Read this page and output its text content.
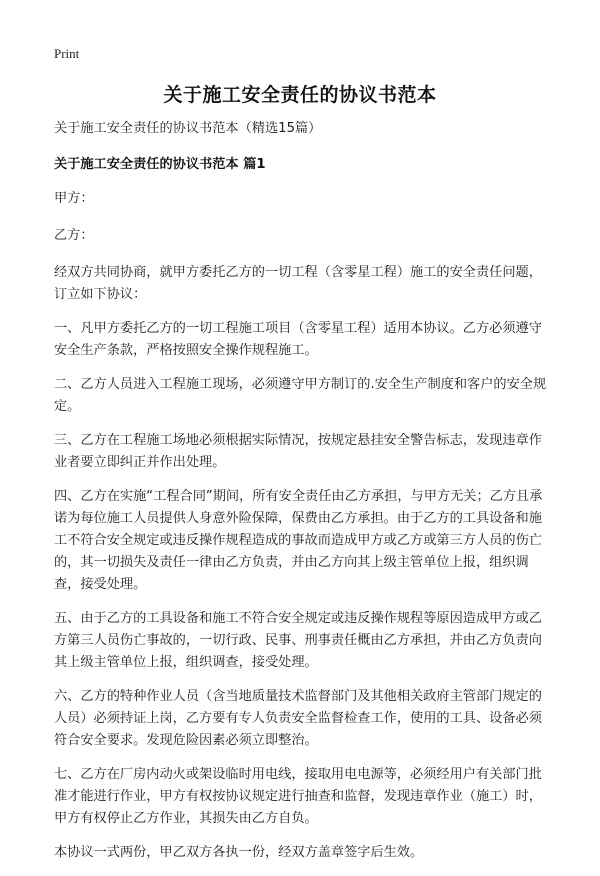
Print
关于施工安全责任的协议书范本

关于施工安全责任的协议书范本（精选15篇）

关于施工安全责任的协议书范本 篇1

甲方：

乙方：

经双方共同协商，就甲方委托乙方的一切工程（含零星工程）施工的安全责任问题，订立如下协议：

一、凡甲方委托乙方的一切工程施工项目（含零星工程）适用本协议。乙方必须遵守安全生产条款，严格按照安全操作规程施工。

二、乙方人员进入工程施工现场，必须遵守甲方制订的.安全生产制度和客户的安全规定。

三、乙方在工程施工场地必须根据实际情况，按规定悬挂安全警告标志，发现违章作业者要立即纠正并作出处理。

四、乙方在实施“工程合同”期间，所有安全责任由乙方承担，与甲方无关；乙方且承诺为每位施工人员提供人身意外险保障，保费由乙方承担。由于乙方的工具设备和施工不符合安全规定或违反操作规程造成的事故而造成甲方或乙方或第三方人员的伤亡的，其一切损失及责任一律由乙方负责，并由乙方向其上级主管单位上报，组织调查，接受处理。

五、由于乙方的工具设备和施工不符合安全规定或违反操作规程等原因造成甲方或乙方第三人员伤亡事故的，一切行政、民事、刑事责任概由乙方承担，并由乙方负责向其上级主管单位上报，组织调查，接受处理。

六、乙方的特种作业人员（含当地质量技术监督部门及其他相关政府主管部门规定的人员）必须持证上岗，乙方要有专人负责安全监督检查工作，使用的工具、设备必须符合安全要求。发现危险因素必须立即整治。

七、乙方在厂房内动火或架设临时用电线，接取用电电源等，必须经用户有关部门批准才能进行作业，甲方有权按协议规定进行抽查和监督，发现违章作业（施工）时，甲方有权停止乙方作业，其损失由乙方自负。

本协议一式两份，甲乙双方各执一份，经双方盖章签字后生效。
